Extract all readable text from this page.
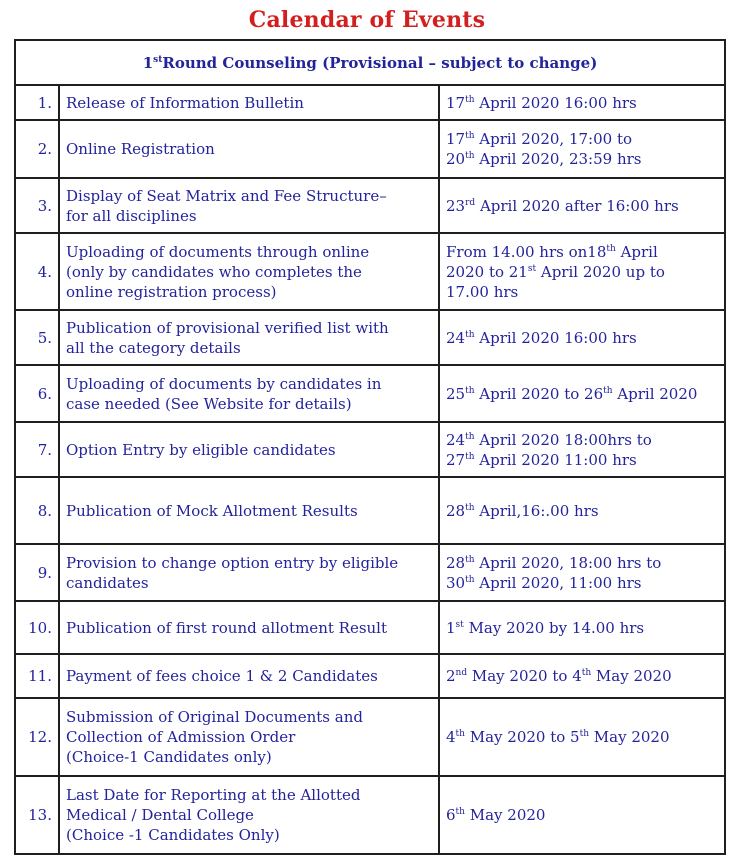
Calendar of Events
1stRound Counseling (Provisional – subject to change)		
1.	Release of Information Bulletin	17th April 2020 16:00 hrs
2.	Online Registration	17th April 2020, 17:00 to
20th April 2020, 23:59 hrs
3.	Display of Seat Matrix and Fee Structure–
for all disciplines	23rd April 2020 after 16:00 hrs
4.	Uploading of documents through online
(only by candidates who completes the
online registration process)	From 14.00 hrs on18th April
2020 to 21st April 2020 up to
17.00 hrs
5.	Publication of provisional verified list with
all the category details	24th April 2020 16:00 hrs
6.	Uploading of documents by candidates in
case needed (See Website for details)	25th April 2020 to 26th April 2020
7.	Option Entry by eligible candidates	24th April 2020 18:00hrs to
27th April 2020 11:00 hrs
8.	Publication of Mock Allotment Results	28th April,16:.00 hrs
9.	Provision to change option entry by eligible
candidates	28th April 2020, 18:00 hrs to
30th April 2020, 11:00 hrs
10.	Publication of first round allotment Result	1st May 2020 by 14.00 hrs
11.	Payment of fees choice 1 & 2 Candidates	2nd May 2020 to 4th May 2020
12.	Submission of Original Documents and
Collection of Admission Order
(Choice-1 Candidates only)	4th May 2020 to 5th May 2020
13.	Last Date for Reporting at the Allotted
Medical / Dental College
(Choice -1 Candidates Only)	6th May 2020
